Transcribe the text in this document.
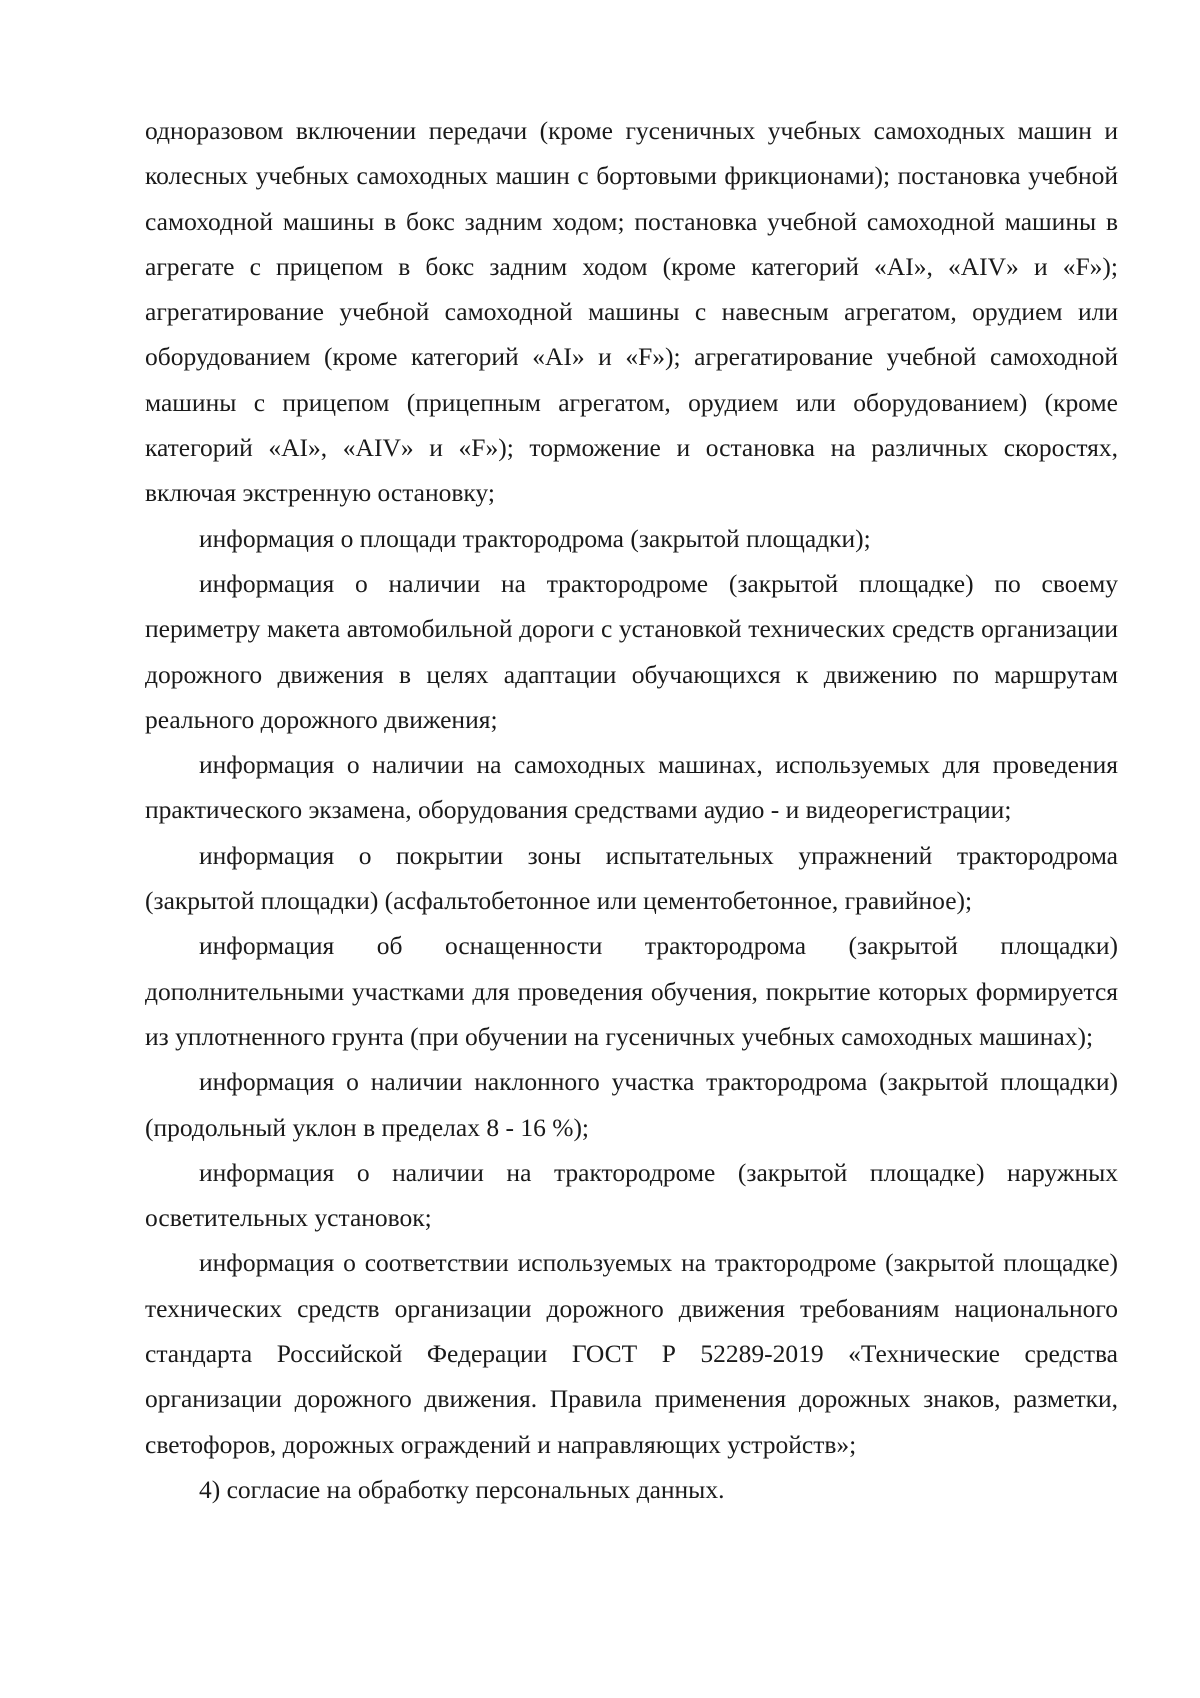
одноразовом включении передачи (кроме гусеничных учебных самоходных машин и колесных учебных самоходных машин с бортовыми фрикционами); постановка учебной самоходной машины в бокс задним ходом; постановка учебной самоходной машины в агрегате с прицепом в бокс задним ходом (кроме категорий «AI», «AIV» и «F»); агрегатирование учебной самоходной машины с навесным агрегатом, орудием или оборудованием (кроме категорий «AI» и «F»); агрегатирование учебной самоходной машины с прицепом (прицепным агрегатом, орудием или оборудованием) (кроме категорий «AI», «AIV» и «F»); торможение и остановка на различных скоростях, включая экстренную остановку;

информация о площади трактородрома (закрытой площадки);

информация о наличии на трактородроме (закрытой площадке) по своему периметру макета автомобильной дороги с установкой технических средств организации дорожного движения в целях адаптации обучающихся к движению по маршрутам реального дорожного движения;

информация о наличии на самоходных машинах, используемых для проведения практического экзамена, оборудования средствами аудио - и видеорегистрации;

информация о покрытии зоны испытательных упражнений трактородрома (закрытой площадки) (асфальтобетонное или цементобетонное, гравийное);

информация об оснащенности трактородрома (закрытой площадки) дополнительными участками для проведения обучения, покрытие которых формируется из уплотненного грунта (при обучении на гусеничных учебных самоходных машинах);

информация о наличии наклонного участка трактородрома (закрытой площадки) (продольный уклон в пределах 8 - 16 %);

информация о наличии на трактородроме (закрытой площадке) наружных осветительных установок;

информация о соответствии используемых на трактородроме (закрытой площадке) технических средств организации дорожного движения требованиям национального стандарта Российской Федерации ГОСТ Р 52289-2019 «Технические средства организации дорожного движения. Правила применения дорожных знаков, разметки, светофоров, дорожных ограждений и направляющих устройств»;

4) согласие на обработку персональных данных.
